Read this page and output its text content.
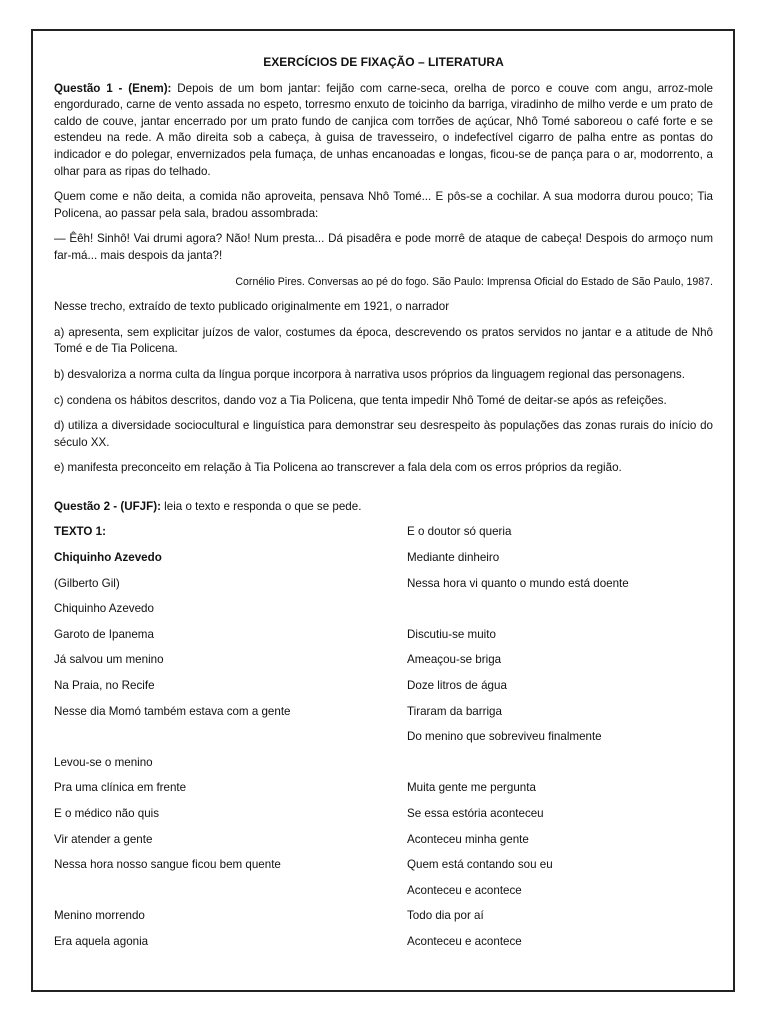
EXERCÍCIOS DE FIXAÇÃO – LITERATURA

Questão 1 - (Enem): Depois de um bom jantar: feijão com carne-seca, orelha de porco e couve com angu, arroz-mole engordurado, carne de vento assada no espeto, torresmo enxuto de toicinho da barriga, viradinho de milho verde e um prato de caldo de couve, jantar encerrado por um prato fundo de canjica com torrões de açúcar, Nhô Tomé saboreou o café forte e se estendeu na rede. A mão direita sob a cabeça, à guisa de travesseiro, o indefectível cigarro de palha entre as pontas do indicador e do polegar, envernizados pela fumaça, de unhas encanoadas e longas, ficou-se de pança para o ar, modorrento, a olhar para as ripas do telhado.

Quem come e não deita, a comida não aproveita, pensava Nhô Tomé... E pôs-se a cochilar. A sua modorra durou pouco; Tia Policena, ao passar pela sala, bradou assombrada:

— Êêh! Sinhô! Vai drumi agora? Não! Num presta... Dá pisadêra e pode morrê de ataque de cabeça! Despois do armoço num far-má... mais despois da janta?!

Cornélio Pires. Conversas ao pé do fogo. São Paulo: Imprensa Oficial do Estado de São Paulo, 1987.

Nesse trecho, extraído de texto publicado originalmente em 1921, o narrador

a) apresenta, sem explicitar juízos de valor, costumes da época, descrevendo os pratos servidos no jantar e a atitude de Nhô Tomé e de Tia Policena.

b) desvaloriza a norma culta da língua porque incorpora à narrativa usos próprios da linguagem regional das personagens.

c) condena os hábitos descritos, dando voz a Tia Policena, que tenta impedir Nhô Tomé de deitar-se após as refeições.

d) utiliza a diversidade sociocultural e linguística para demonstrar seu desrespeito às populações das zonas rurais do início do século XX.

e) manifesta preconceito em relação à Tia Policena ao transcrever a fala dela com os erros próprios da região.

Questão 2 - (UFJF): leia o texto e responda o que se pede.

TEXTO 1:
Chiquinho Azevedo
(Gilberto Gil)
Chiquinho Azevedo
Garoto de Ipanema
Já salvou um menino
Na Praia, no Recife
Nesse dia Momó também estava com a gente
Levou-se o menino
Pra uma clínica em frente
E o médico não quis
Vir atender a gente
Nessa hora nosso sangue ficou bem quente
Menino morrendo
Era aquela agonia
E o doutor só queria
Mediante dinheiro
Nessa hora vi quanto o mundo está doente
Discutiu-se muito
Ameaçou-se briga
Doze litros de água
Tiraram da barriga
Do menino que sobreviveu finalmente
Muita gente me pergunta
Se essa estória aconteceu
Aconteceu minha gente
Quem está contando sou eu
Aconteceu e acontece
Todo dia por aí
Aconteceu e acontece
